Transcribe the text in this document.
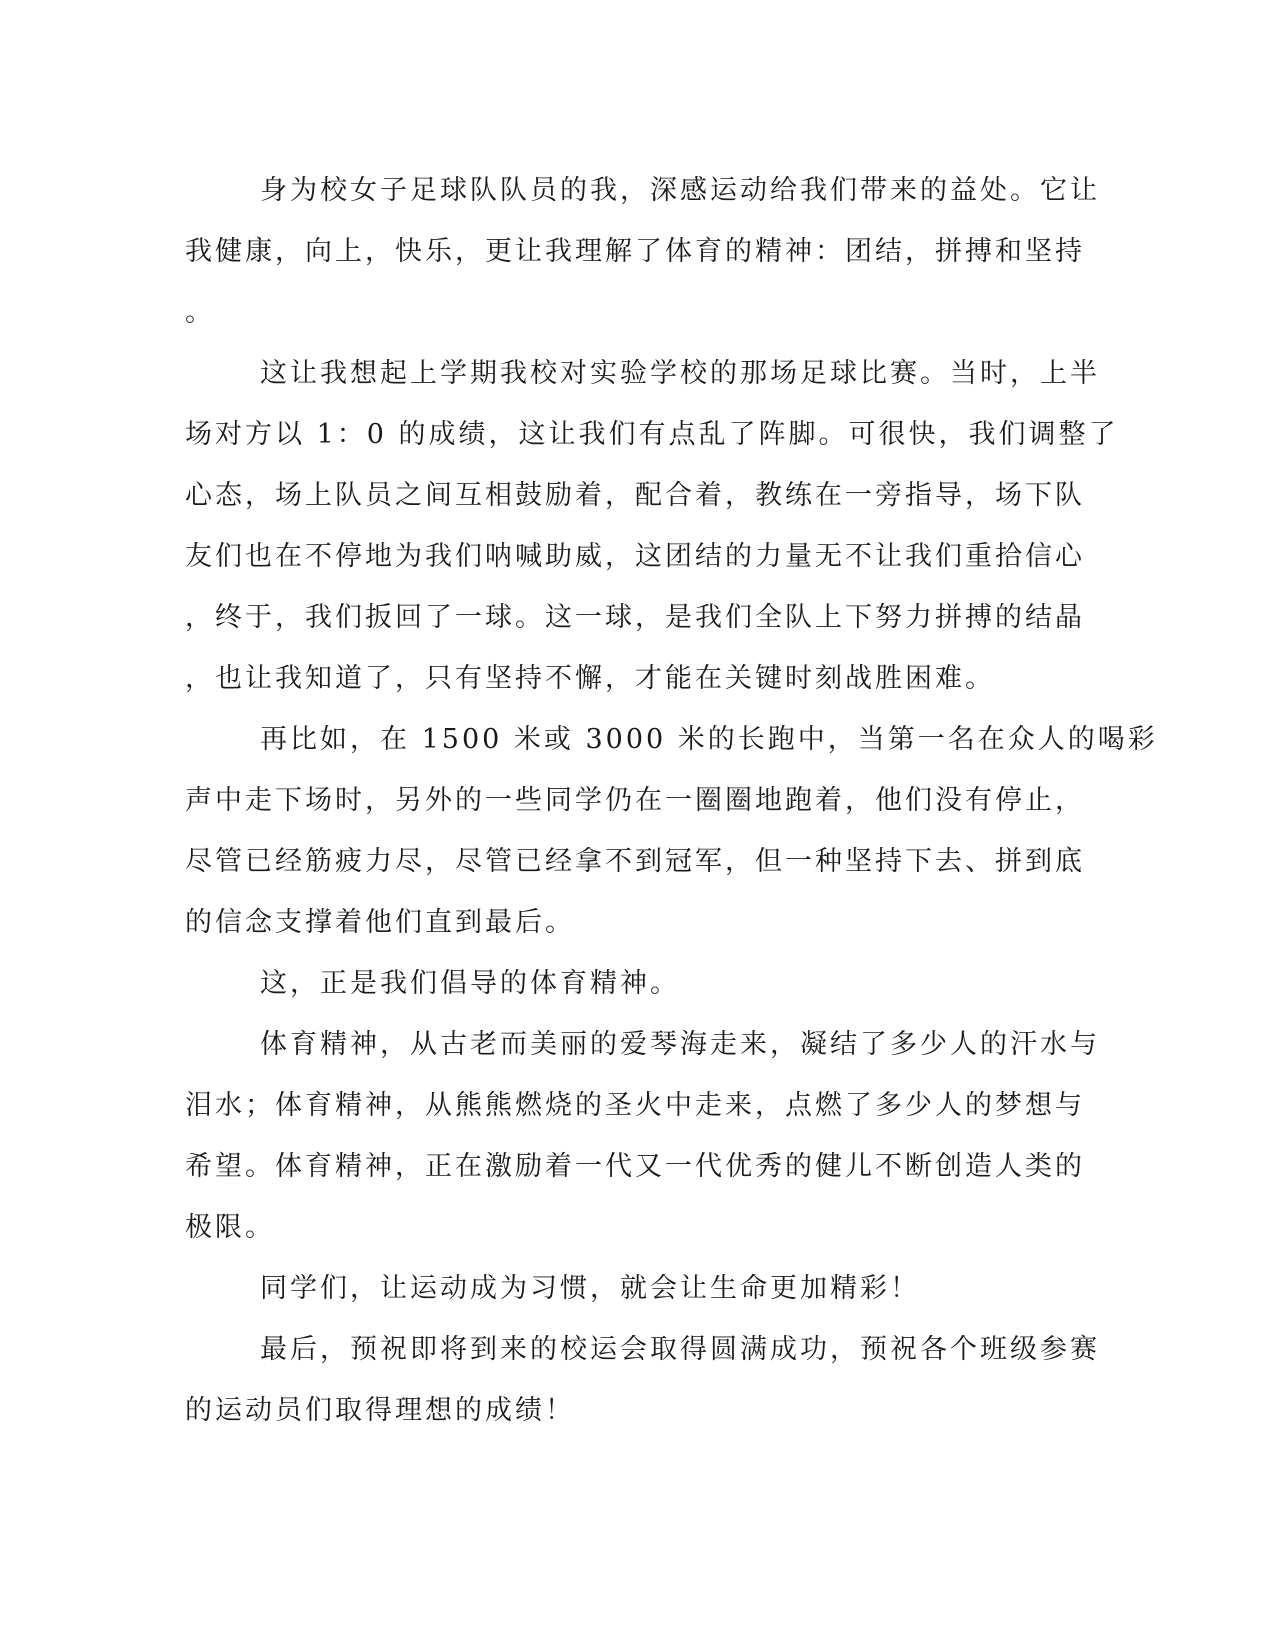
身为校女子足球队队员的我，深感运动给我们带来的益处。它让
我健康，向上，快乐，更让我理解了体育的精神：团结，拼搏和坚持
。
这让我想起上学期我校对实验学校的那场足球比赛。当时，上半
场对方以 1：0 的成绩，这让我们有点乱了阵脚。可很快，我们调整了
心态，场上队员之间互相鼓励着，配合着，教练在一旁指导，场下队
友们也在不停地为我们呐喊助威，这团结的力量无不让我们重拾信心
，终于，我们扳回了一球。这一球，是我们全队上下努力拼搏的结晶
，也让我知道了，只有坚持不懈，才能在关键时刻战胜困难。
再比如，在 1500 米或 3000 米的长跑中，当第一名在众人的喝彩
声中走下场时，另外的一些同学仍在一圈圈地跑着，他们没有停止，
尽管已经筋疲力尽，尽管已经拿不到冠军，但一种坚持下去、拼到底
的信念支撑着他们直到最后。
这，正是我们倡导的体育精神。
体育精神，从古老而美丽的爱琴海走来，凝结了多少人的汗水与
泪水；体育精神，从熊熊燃烧的圣火中走来，点燃了多少人的梦想与
希望。体育精神，正在激励着一代又一代优秀的健儿不断创造人类的
极限。
同学们，让运动成为习惯，就会让生命更加精彩！
最后，预祝即将到来的校运会取得圆满成功，预祝各个班级参赛
的运动员们取得理想的成绩！
